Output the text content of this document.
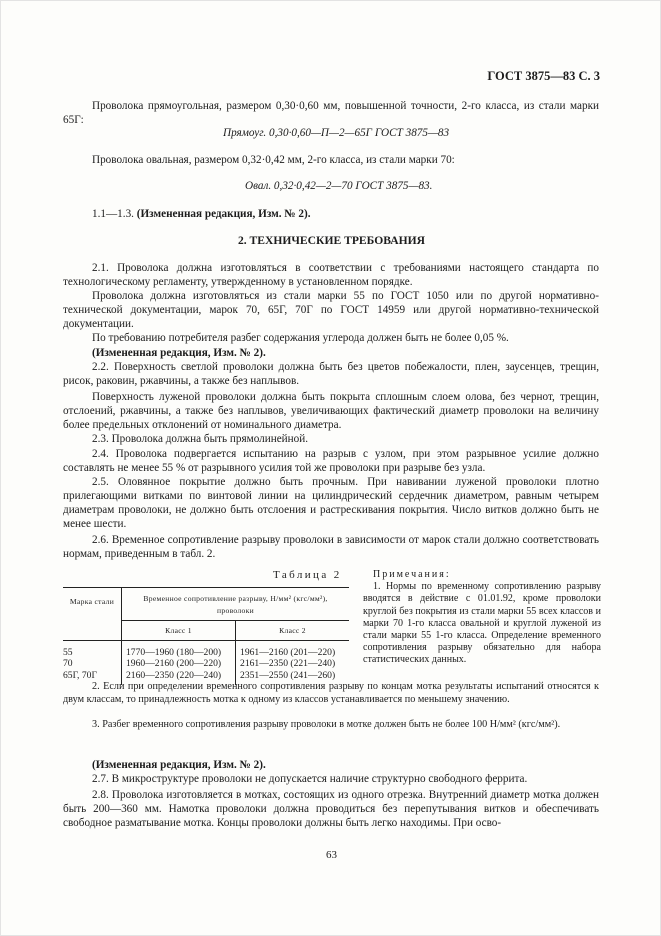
ГОСТ 3875—83 С. 3

Проволока прямоугольная, размером 0,30·0,60 мм, повышенной точности, 2-го класса, из стали марки 65Г:

Прямоуг. 0,30·0,60—П—2—65Г ГОСТ 3875—83

Проволока овальная, размером 0,32·0,42 мм, 2-го класса, из стали марки 70:

Овал. 0,32·0,42—2—70 ГОСТ 3875—83.

1.1—1.3. (Измененная редакция, Изм. № 2).

2. ТЕХНИЧЕСКИЕ ТРЕБОВАНИЯ

2.1. Проволока должна изготовляться в соответствии с требованиями настоящего стандарта по технологическому регламенту, утвержденному в установленном порядке.

Проволока должна изготовляться из стали марки 55 по ГОСТ 1050 или по другой нормативно-технической документации, марок 70, 65Г, 70Г по ГОСТ 14959 или другой нормативно-технической документации.

По требованию потребителя разбег содержания углерода должен быть не более 0,05 %.

(Измененная редакция, Изм. № 2).

2.2. Поверхность светлой проволоки должна быть без цветов побежалости, плен, заусенцев, трещин, рисок, раковин, ржавчины, а также без наплывов.

Поверхность луженой проволоки должна быть покрыта сплошным слоем олова, без чернот, трещин, отслоений, ржавчины, а также без наплывов, увеличивающих фактический диаметр проволоки на величину более предельных отклонений от номинального диаметра.

2.3. Проволока должна быть прямолинейной.

2.4. Проволока подвергается испытанию на разрыв с узлом, при этом разрывное усилие должно составлять не менее 55 % от разрывного усилия той же проволоки при разрыве без узла.

2.5. Оловянное покрытие должно быть прочным. При навивании луженой проволоки плотно прилегающими витками по винтовой линии на цилиндрический сердечник диаметром, равным четырем диаметрам проволоки, не должно быть отслоения и растрескивания покрытия. Число витков должно быть не менее шести.

2.6. Временное сопротивление разрыву проволоки в зависимости от марок стали должно соответствовать нормам, приведенным в табл. 2.

Таблица 2
Марка стали	Временное сопротивление разрыву, Н/мм² (кгс/мм²), проволоки	
	Класс 1	Класс 2
55	1770—1960 (180—200)	1961—2160 (201—220)
70	1960—2160 (200—220)	2161—2350 (221—240)
65Г, 70Г	2160—2350 (220—240)	2351—2550 (241—260)

Примечания:

1. Нормы по временному сопротивлению разрыву вводятся в действие с 01.01.92, кроме проволоки круглой без покрытия из стали марки 55 всех классов и марки 70 1-го класса овальной и круглой луженой из стали марки 55 1-го класса. Определение временного сопротивления разрыву обязательно для набора статистических данных.

2. Если при определении временного сопротивления разрыву по концам мотка результаты испытаний относятся к двум классам, то принадлежность мотка к одному из классов устанавливается по меньшему значению.

3. Разбег временного сопротивления разрыву проволоки в мотке должен быть не более 100 Н/мм² (кгс/мм²).

(Измененная редакция, Изм. № 2).

2.7. В микроструктуре проволоки не допускается наличие структурно свободного феррита.

2.8. Проволока изготовляется в мотках, состоящих из одного отрезка. Внутренний диаметр мотка должен быть 200—360 мм. Намотка проволоки должна проводиться без перепутывания витков и обеспечивать свободное разматывание мотка. Концы проволоки должны быть легко находимы. При осво-

63
